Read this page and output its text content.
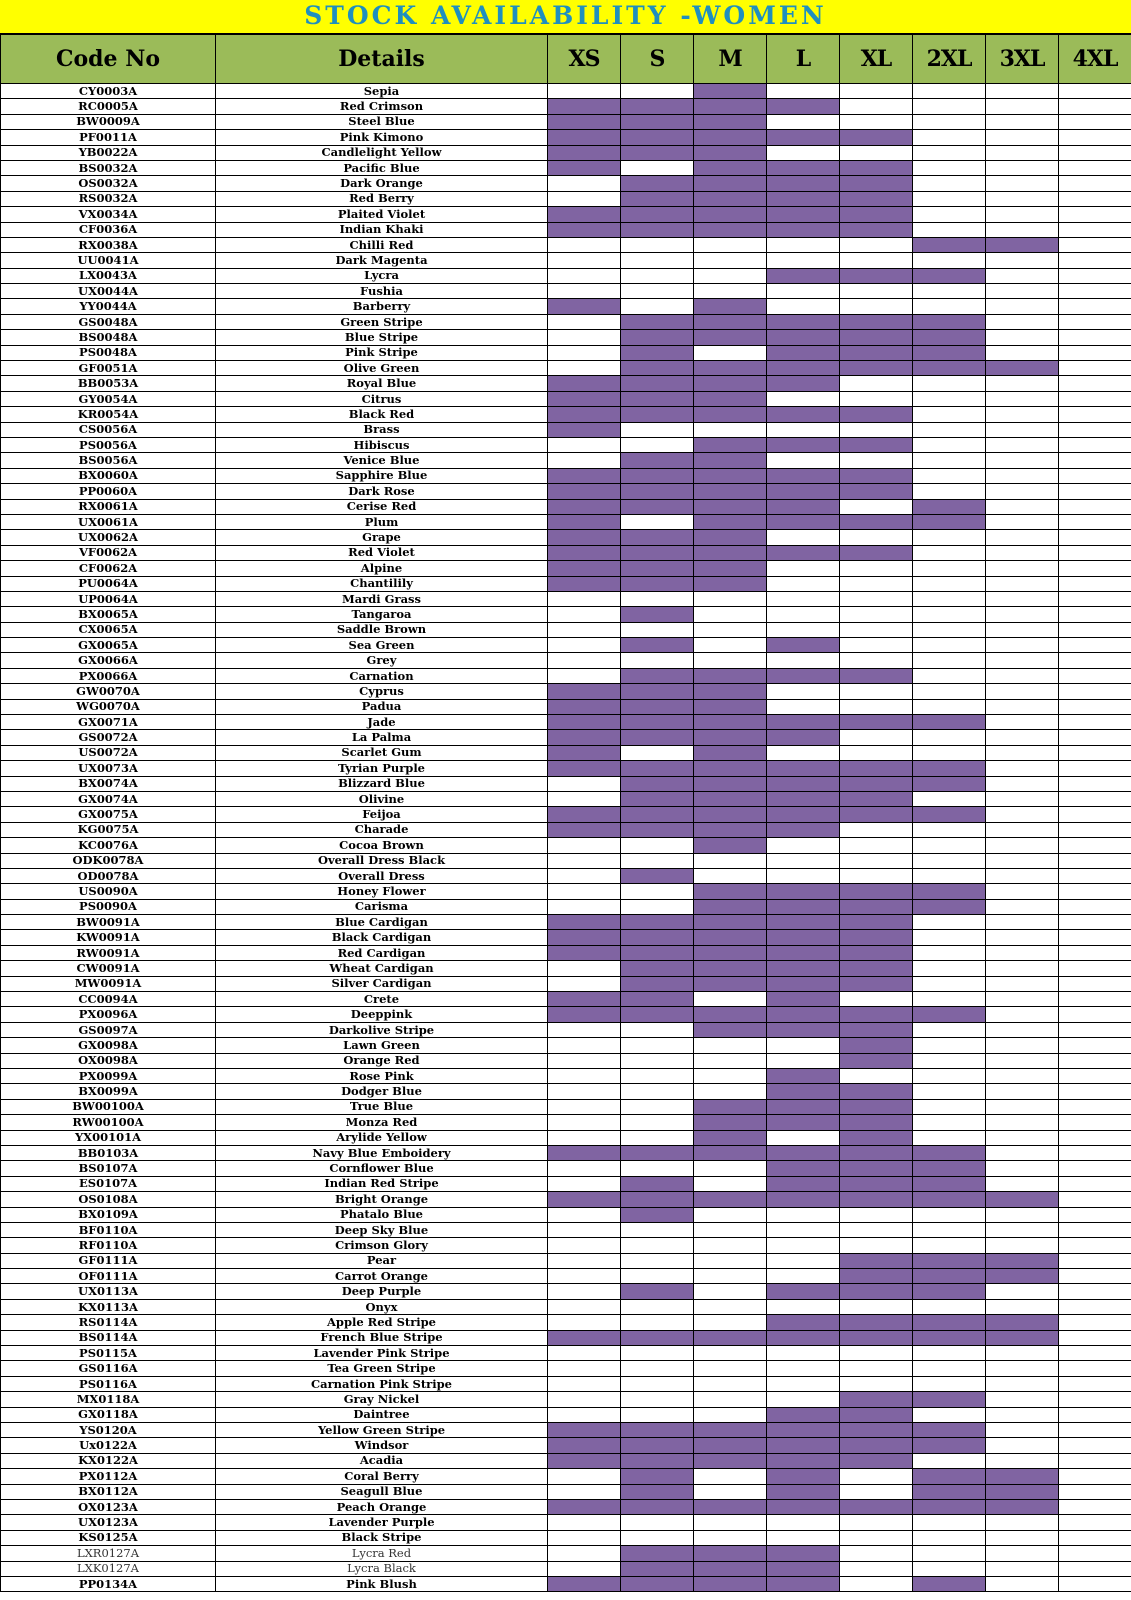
STOCK AVAILABILITY -WOMEN
Code No	Details	XS	S	M	L	XL	2XL	3XL	4XL
CY0003A	Sepia								
RC0005A	Red Crimson								
BW0009A	Steel Blue								
PF0011A	Pink Kimono								
YB0022A	Candlelight Yellow								
BS0032A	Pacific Blue								
OS0032A	Dark Orange								
RS0032A	Red Berry								
VX0034A	Plaited Violet								
CF0036A	Indian Khaki								
RX0038A	Chilli Red								
UU0041A	Dark Magenta								
LX0043A	Lycra								
UX0044A	Fushia								
YY0044A	Barberry								
GS0048A	Green Stripe								
BS0048A	Blue Stripe								
PS0048A	Pink Stripe								
GF0051A	Olive Green								
BB0053A	Royal Blue								
GY0054A	Citrus								
KR0054A	Black Red								
CS0056A	Brass								
PS0056A	Hibiscus								
BS0056A	Venice Blue								
BX0060A	Sapphire Blue								
PP0060A	Dark Rose								
RX0061A	Cerise Red								
UX0061A	Plum								
UX0062A	Grape								
VF0062A	Red Violet								
CF0062A	Alpine								
PU0064A	Chantilily								
UP0064A	Mardi Grass								
BX0065A	Tangaroa								
CX0065A	Saddle Brown								
GX0065A	Sea Green								
GX0066A	Grey								
PX0066A	Carnation								
GW0070A	Cyprus								
WG0070A	Padua								
GX0071A	Jade								
GS0072A	La Palma								
US0072A	Scarlet Gum								
UX0073A	Tyrian Purple								
BX0074A	Blizzard Blue								
GX0074A	Olivine								
GX0075A	Feijoa								
KG0075A	Charade								
KC0076A	Cocoa Brown								
ODK0078A	Overall Dress Black								
OD0078A	Overall Dress								
US0090A	Honey Flower								
PS0090A	Carisma								
BW0091A	Blue Cardigan								
KW0091A	Black Cardigan								
RW0091A	Red Cardigan								
CW0091A	Wheat Cardigan								
MW0091A	Silver Cardigan								
CC0094A	Crete								
PX0096A	Deeppink								
GS0097A	Darkolive Stripe								
GX0098A	Lawn Green								
OX0098A	Orange Red								
PX0099A	Rose Pink								
BX0099A	Dodger Blue								
BW00100A	True Blue								
RW00100A	Monza Red								
YX00101A	Arylide Yellow								
BB0103A	Navy Blue Emboidery								
BS0107A	Cornflower Blue								
ES0107A	Indian Red Stripe								
OS0108A	Bright Orange								
BX0109A	Phatalo Blue								
BF0110A	Deep Sky Blue								
RF0110A	Crimson Glory								
GF0111A	Pear								
OF0111A	Carrot Orange								
UX0113A	Deep Purple								
KX0113A	Onyx								
RS0114A	Apple Red Stripe								
BS0114A	French Blue Stripe								
PS0115A	Lavender Pink Stripe								
GS0116A	Tea Green Stripe								
PS0116A	Carnation Pink Stripe								
MX0118A	Gray Nickel								
GX0118A	Daintree								
YS0120A	Yellow Green Stripe								
Ux0122A	Windsor								
KX0122A	Acadia								
PX0112A	Coral Berry								
BX0112A	Seagull Blue								
OX0123A	Peach Orange								
UX0123A	Lavender Purple								
KS0125A	Black Stripe								
LXR0127A	Lycra Red								
LXK0127A	Lycra Black								
PP0134A	Pink Blush								
